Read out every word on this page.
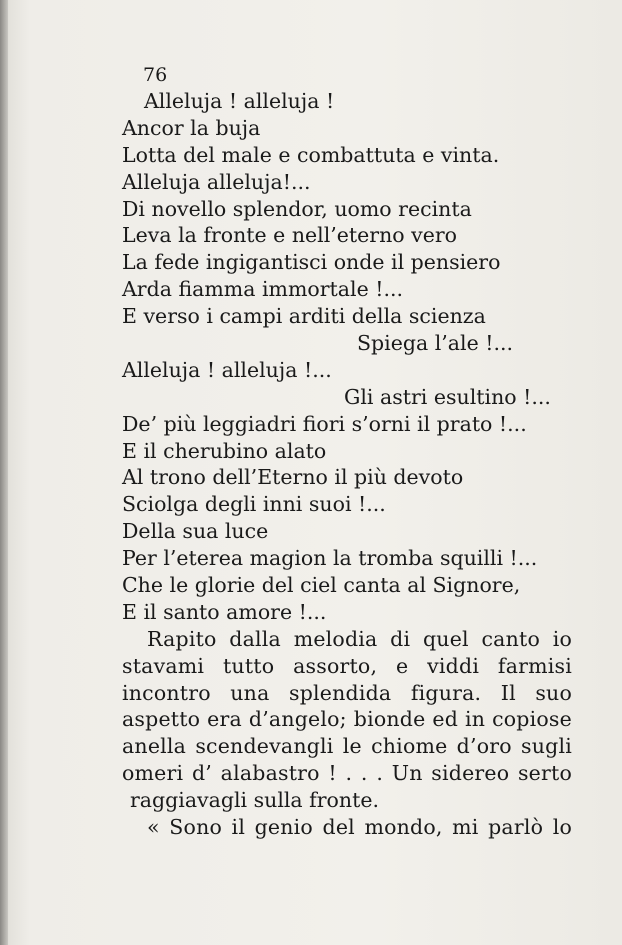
76
Alleluja ! alleluja !
Ancor la buja
Lotta del male e combattuta e vinta.
Alleluja alleluja!...
Di novello splendor, uomo recinta
Leva la fronte e nell’eterno vero
La fede ingigantisci onde il pensiero
Arda fiamma immortale !...
E verso i campi arditi della scienza
Spiega l’ale !...
Alleluja ! alleluja !...
Gli astri esultino !...
De’ più leggiadri fiori s’orni il prato !...
E il cherubino alato
Al trono dell’Eterno il più devoto
Sciolga degli inni suoi !...
Della sua luce
Per l’eterea magion la tromba squilli !...
Che le glorie del ciel canta al Signore,
E il santo amore !...
Rapito dalla melodia di quel canto io
stavami tutto assorto, e viddi farmisi
incontro una splendida figura. Il suo
aspetto era d’angelo; bionde ed in copiose
anella scendevangli le chiome d’oro sugli
omeri d’ alabastro ! . . . Un sidereo serto
raggiavagli sulla fronte.
« Sono il genio del mondo, mi parlò lo
